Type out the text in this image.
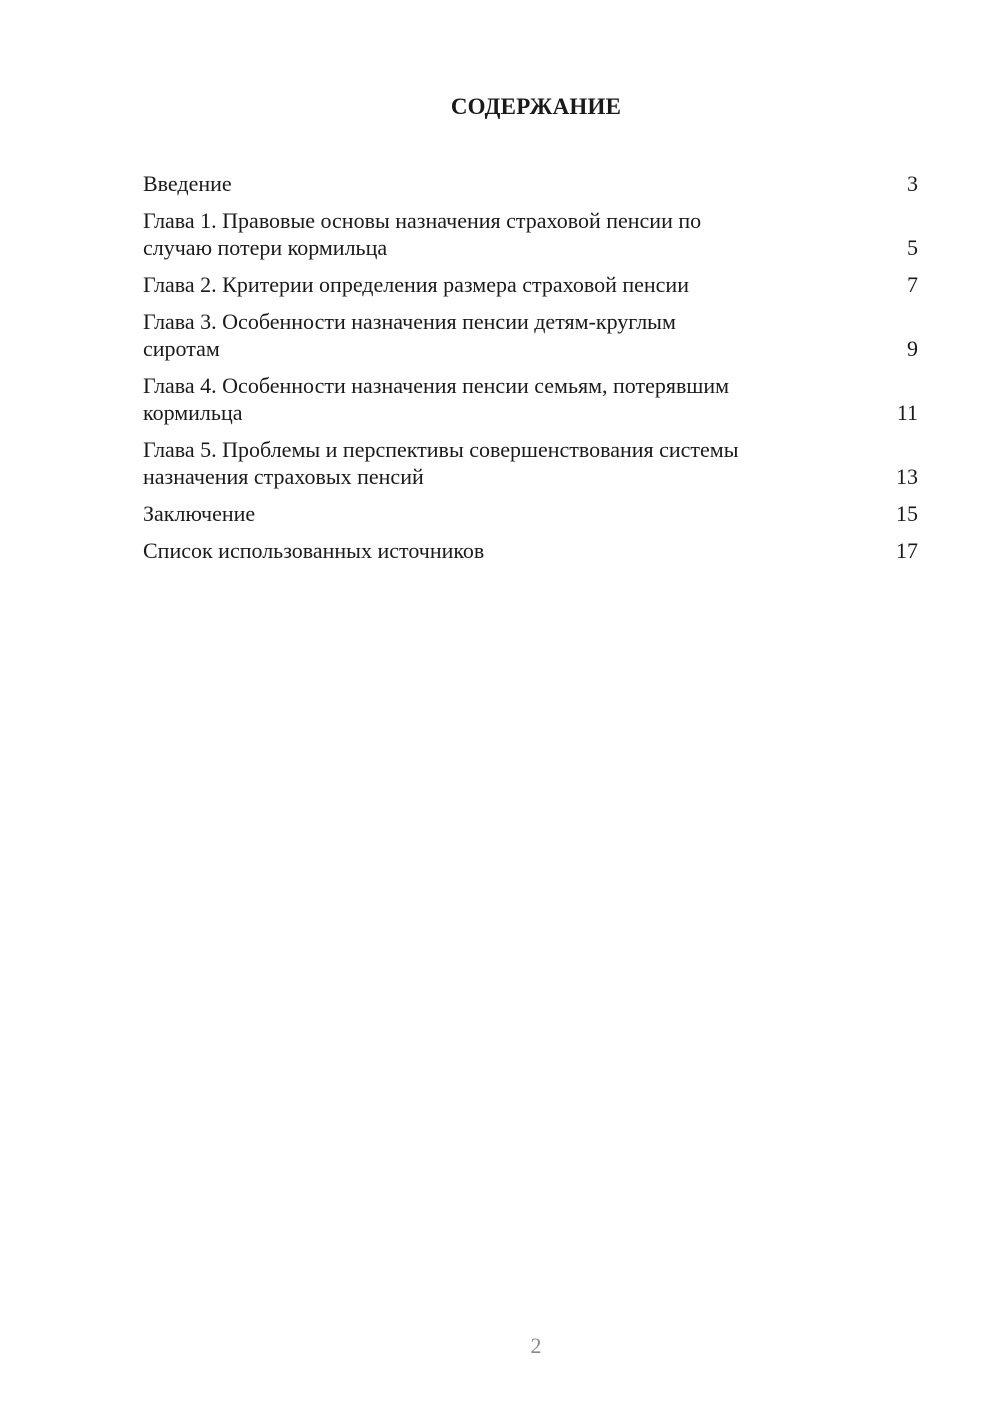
СОДЕРЖАНИЕ
Введение	3
Глава 1. Правовые основы назначения страховой пенсии по
случаю потери кормильца	5
Глава 2. Критерии определения размера страховой пенсии	7
Глава 3. Особенности назначения пенсии детям-круглым
сиротам	9
Глава 4. Особенности назначения пенсии семьям, потерявшим
кормильца	11
Глава 5. Проблемы и перспективы совершенствования системы
назначения страховых пенсий	13
Заключение	15
Список использованных источников	17
2
